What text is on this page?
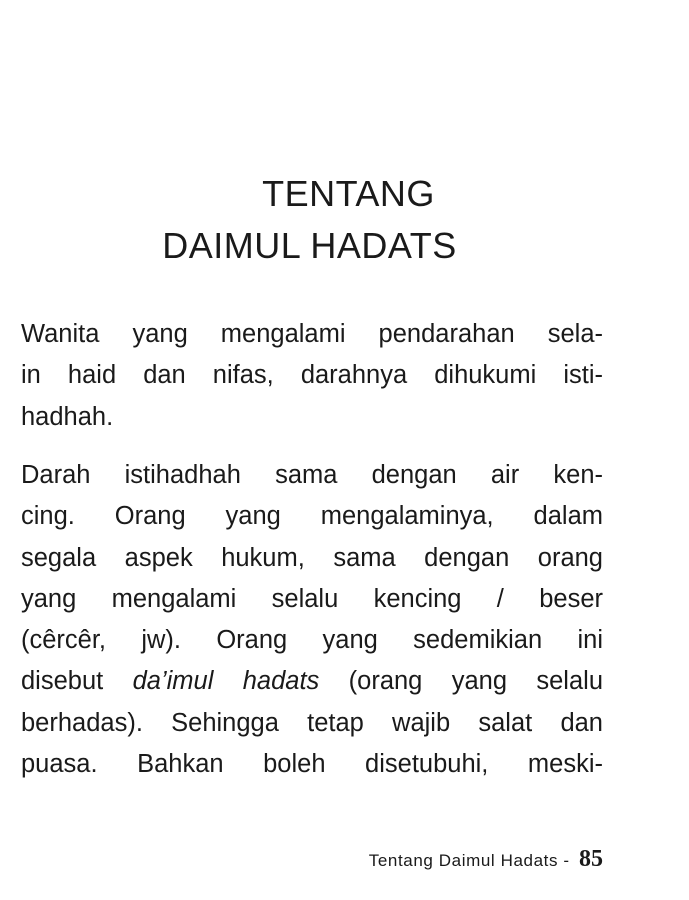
TENTANG
DAIMUL HADATS
Wanita yang mengalami pendarahan sela-
in haid dan nifas, darahnya dihukumi isti-
hadhah.
Darah istihadhah sama dengan air ken-
cing. Orang yang mengalaminya, dalam
segala aspek hukum, sama dengan orang
yang mengalami selalu kencing / beser
(cêrcêr, jw). Orang yang sedemikian ini
disebut da’imul hadats (orang yang selalu
berhadas). Sehingga tetap wajib salat dan
puasa. Bahkan boleh disetubuhi, meski-
Tentang Daimul Hadats - 85
